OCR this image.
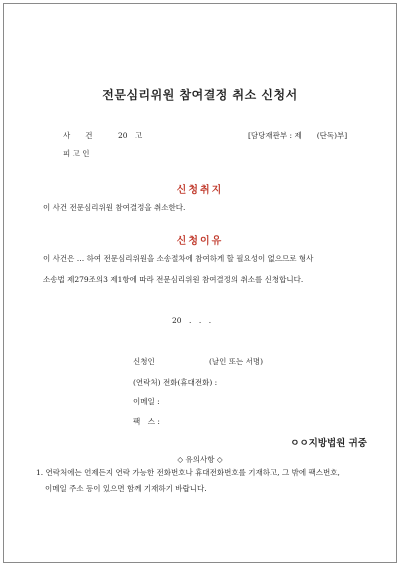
전문심리위원 참여결정 취소 신청서
사　　건	20　고	[담당재판부 : 제　　(단독)부]
피 고 인
신청취지
이 사건 전문심리위원 참여결정을 취소한다.
신청이유
이 사건은 … 하여 전문심리위원을 소송절차에 참여하게 할 필요성이 없으므로 형사
소송법 제279조의3 제1항에 따라 전문심리위원 참여결정의 취소를 신청합니다.
20　.　.　.
신청인	(날인 또는 서명)
(연락처) 전화(휴대전화) :
이메일 :
팩　스 :
ㅇㅇ지방법원 귀중
◇ 유의사항 ◇
1. 연락처에는 언제든지 연락 가능한 전화번호나 휴대전화번호를 기재하고, 그 밖에 팩스번호,
이메일 주소 등이 있으면 함께 기재하기 바랍니다.
